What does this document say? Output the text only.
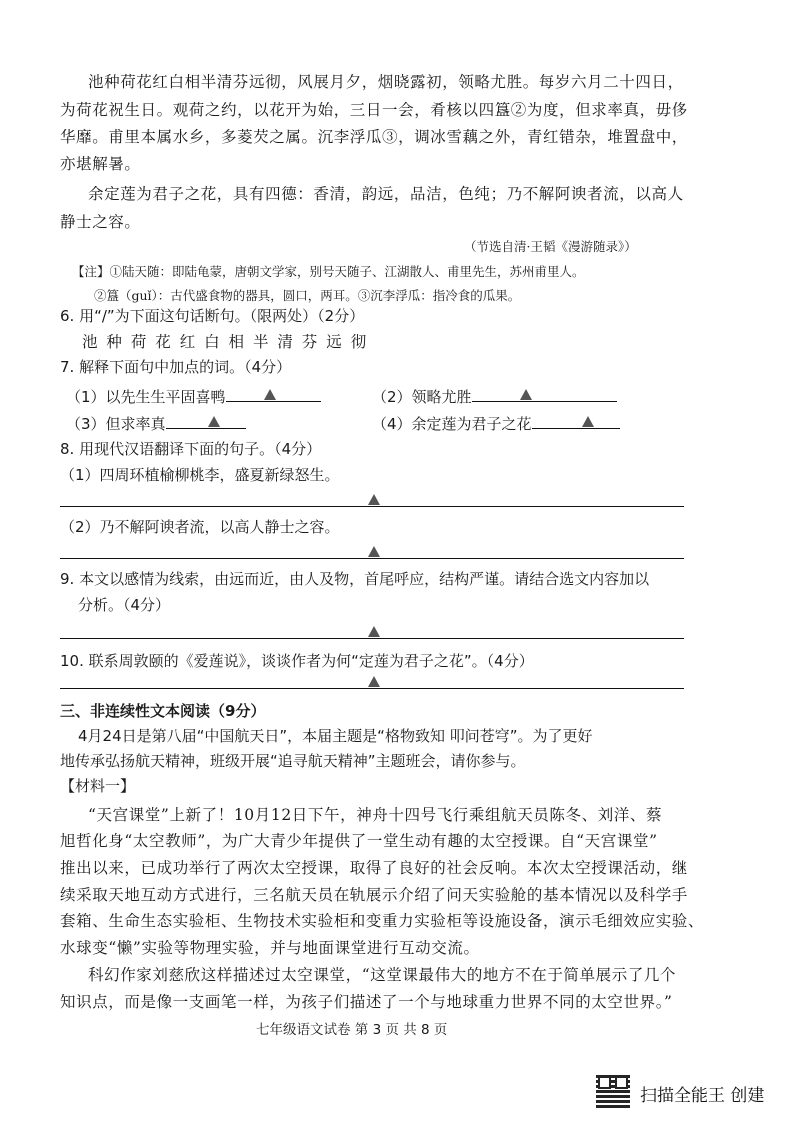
池种荷花红白相半清芬远彻，风展月夕，烟晓露初，领略尤胜。每岁六月二十四日，
为荷花祝生日。观荷之约，以花开为始，三日一会，肴核以四簋②为度，但求率真，毋侈
华靡。甫里本属水乡，多菱芡之属。沉李浮瓜③，调冰雪藕之外，青红错杂，堆置盘中，
亦堪解暑。
余定莲为君子之花，具有四德：香清，韵远，品洁，色纯；乃不解阿谀者流，以高人
静士之容。
（节选自清·王韬《漫游随录》）
【注】①陆天随：即陆龟蒙，唐朝文学家，别号天随子、江湖散人、甫里先生，苏州甫里人。
②簋（guǐ）：古代盛食物的器具，圆口，两耳。③沉李浮瓜：指冷食的瓜果。
6. 用“/”为下面这句话断句。（限两处）（2分）
池 种 荷 花 红 白 相 半 清 芬 远 彻
7. 解释下面句中加点的词。（4分）
（1）以先生生平固喜鸭	（2）领略尤胜
（3）但求率真	（4）余定莲为君子之花
8. 用现代汉语翻译下面的句子。（4分）
（1）四周环植榆柳桃李，盛夏新绿怒生。
（2）乃不解阿谀者流，以高人静士之容。
9. 本文以感情为线索，由远而近，由人及物，首尾呼应，结构严谨。请结合选文内容加以
分析。（4分）
10. 联系周敦颐的《爱莲说》，谈谈作者为何“定莲为君子之花”。（4分）
三、非连续性文本阅读（9分）
4月24日是第八届“中国航天日”，本届主题是“格物致知 叩问苍穹”。为了更好
地传承弘扬航天精神，班级开展“追寻航天精神”主题班会，请你参与。
【材料一】
“天宫课堂”上新了！10月12日下午，神舟十四号飞行乘组航天员陈冬、刘洋、蔡
旭哲化身“太空教师”，为广大青少年提供了一堂生动有趣的太空授课。自“天宫课堂”
推出以来，已成功举行了两次太空授课，取得了良好的社会反响。本次太空授课活动，继
续采取天地互动方式进行，三名航天员在轨展示介绍了问天实验舱的基本情况以及科学手
套箱、生命生态实验柜、生物技术实验柜和变重力实验柜等设施设备，演示毛细效应实验、
水球变“懒”实验等物理实验，并与地面课堂进行互动交流。
科幻作家刘慈欣这样描述过太空课堂，“这堂课最伟大的地方不在于简单展示了几个
知识点，而是像一支画笔一样，为孩子们描述了一个与地球重力世界不同的太空世界。”
七年级语文试卷 第 3 页 共 8 页
扫描全能王 创建
